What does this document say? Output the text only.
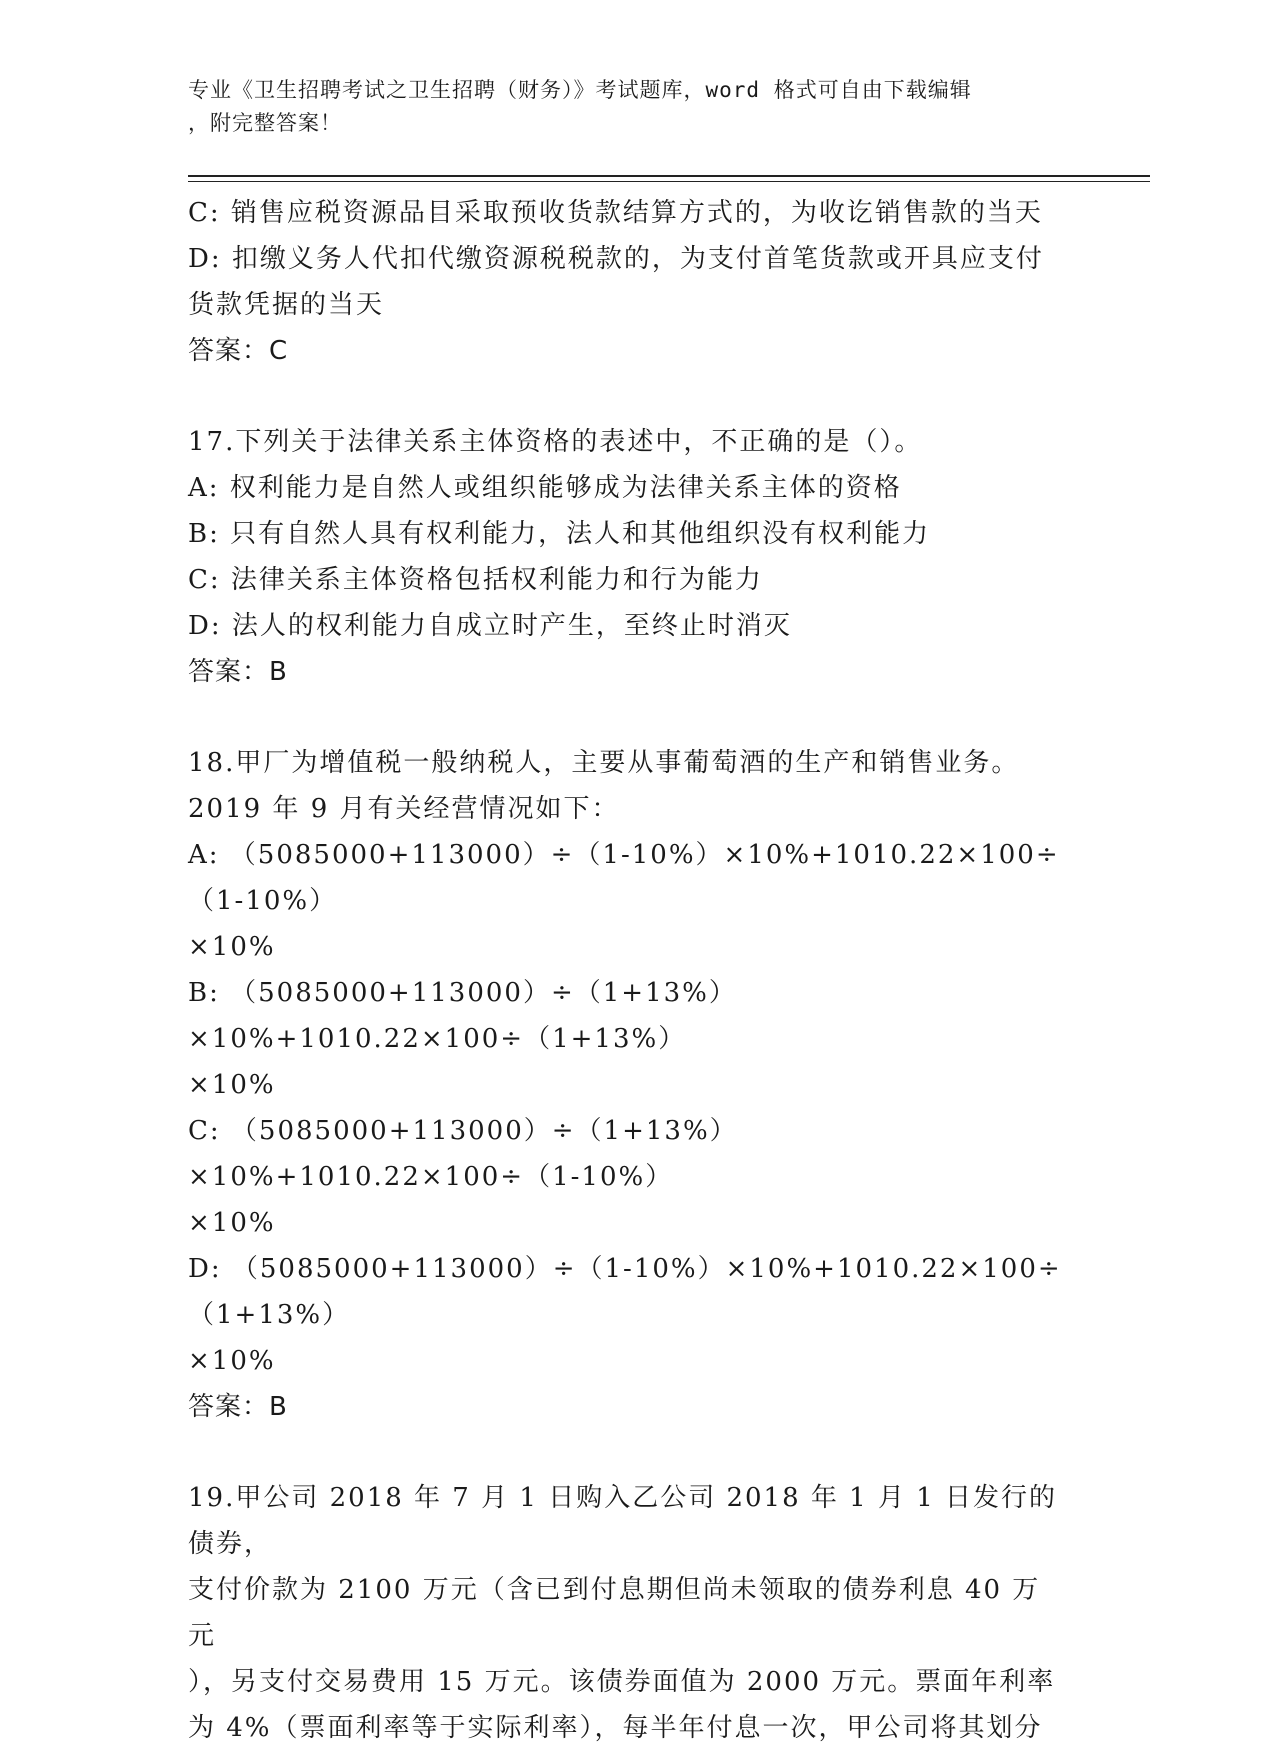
专业《卫生招聘考试之卫生招聘（财务）》考试题库，word 格式可自由下载编辑

，附完整答案！

C: 销售应税资源品目采取预收货款结算方式的，为收讫销售款的当天

D: 扣缴义务人代扣代缴资源税税款的，为支付首笔货款或开具应支付

货款凭据的当天

答案：C

17.下列关于法律关系主体资格的表述中，不正确的是（）。

A: 权利能力是自然人或组织能够成为法律关系主体的资格

B: 只有自然人具有权利能力，法人和其他组织没有权利能力

C: 法律关系主体资格包括权利能力和行为能力

D: 法人的权利能力自成立时产生，至终止时消灭

答案：B

18.甲厂为增值税一般纳税人，主要从事葡萄酒的生产和销售业务。

2019 年 9 月有关经营情况如下：

A: （5085000+113000）÷（1-10%）×10%+1010.22×100÷（1-10%）

×10%

B: （5085000+113000）÷（1+13%）×10%+1010.22×100÷（1+13%）

×10%

C: （5085000+113000）÷（1+13%）×10%+1010.22×100÷（1-10%）

×10%

D: （5085000+113000）÷（1-10%）×10%+1010.22×100÷（1+13%）

×10%

答案：B

19.甲公司 2018 年 7 月 1 日购入乙公司 2018 年 1 月 1 日发行的债券，

支付价款为 2100 万元（含已到付息期但尚未领取的债券利息 40 万元

），另支付交易费用 15 万元。该债券面值为 2000 万元。票面年利率

为 4%（票面利率等于实际利率），每半年付息一次，甲公司将其划分
